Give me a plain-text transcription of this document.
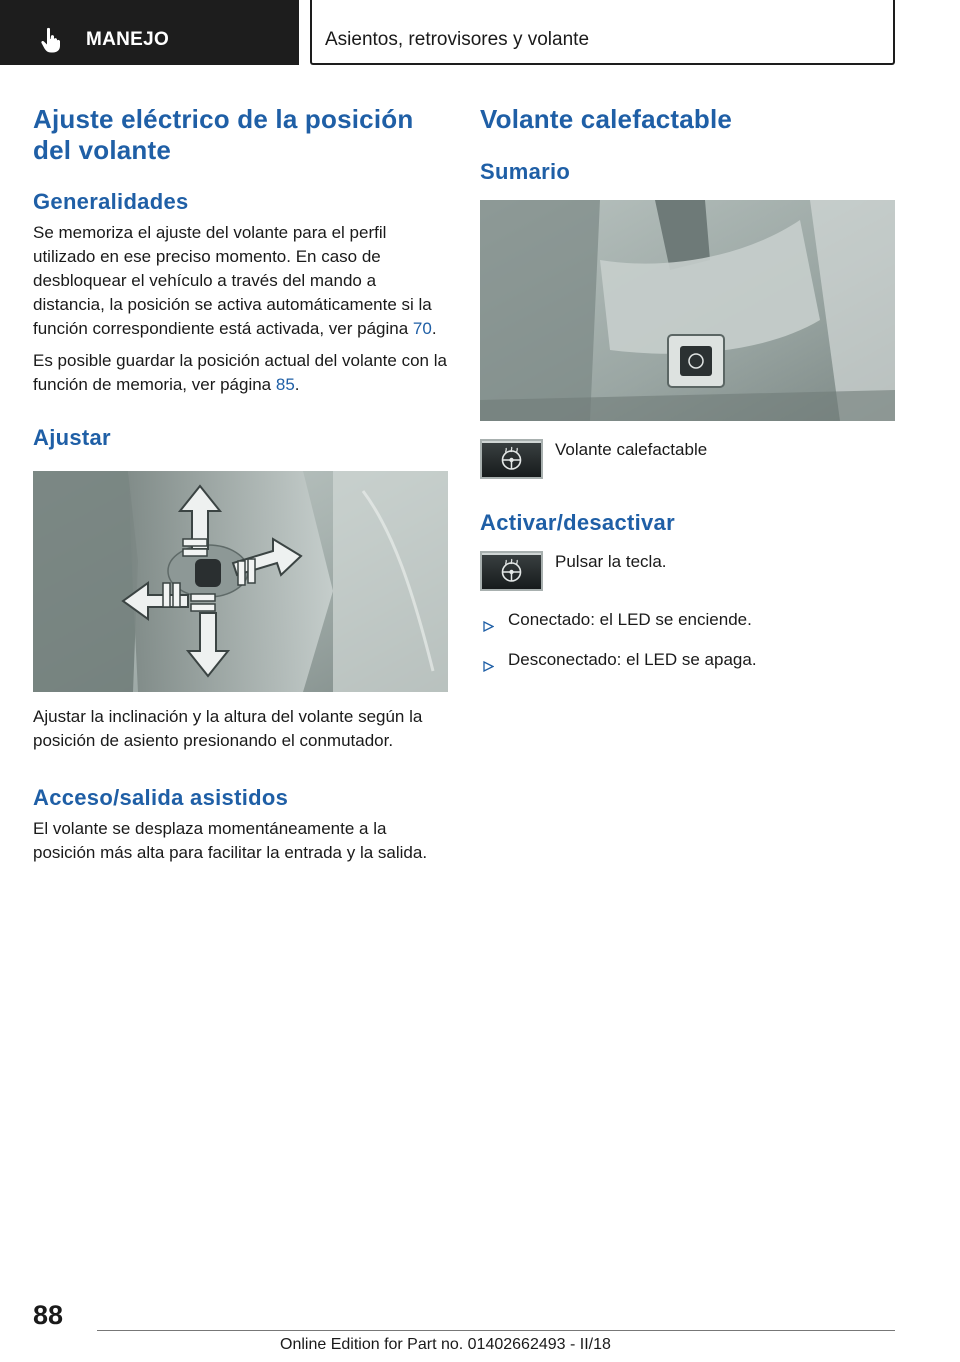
MANEJO	Asientos, retrovisores y volante
Ajuste eléctrico de la posición
del volante
Generalidades

Se memoriza el ajuste del volante para el perfil utilizado en ese preciso momento. En caso de desbloquear el vehículo a través del mando a distancia, la posición se activa automáticamente si la función correspondiente está activada, ver página 70.

Es posible guardar la posición actual del volante con la función de memoria, ver página 85.

Ajustar

Ajustar la inclinación y la altura del volante según la posición de asiento presionando el conmutador.

Acceso/salida asistidos

El volante se desplaza momentáneamente a la posición más alta para facilitar la entrada y la salida.

Volante calefactable
Sumario
Volante calefactable
Activar/desactivar
Pulsar la tecla.
Conectado: el LED se enciende.
Desconectado: el LED se apaga.
88
Online Edition for Part no. 01402662493 - II/18
